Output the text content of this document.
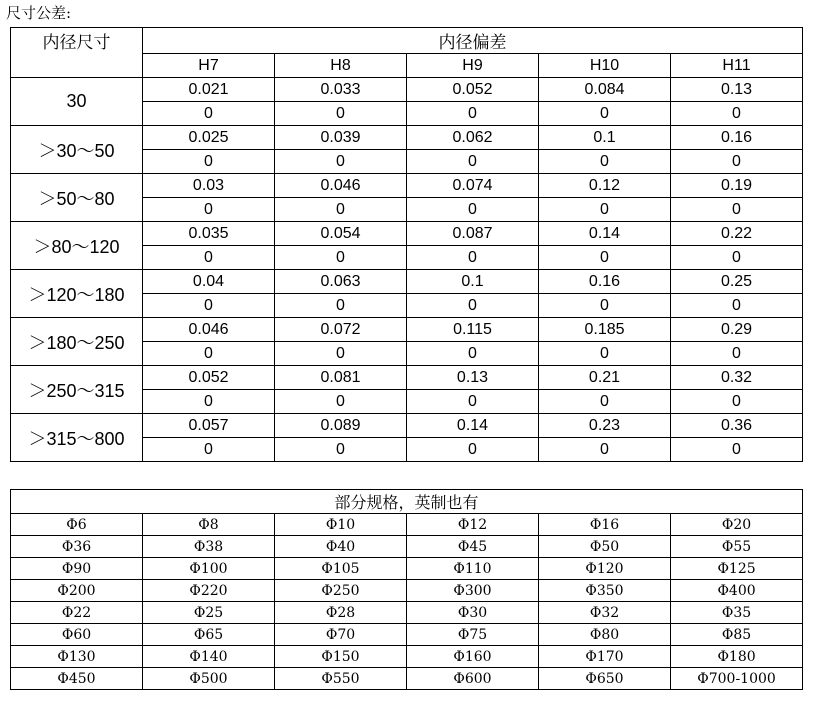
尺寸公差:
内径尺寸	内径偏差				
	H7	H8	H9	H10	H11
30	0.021	0.033	0.052	0.084	0.13
	0	0	0	0	0
＞30～50	0.025	0.039	0.062	0.1	0.16
	0	0	0	0	0
＞50～80	0.03	0.046	0.074	0.12	0.19
	0	0	0	0	0
＞80～120	0.035	0.054	0.087	0.14	0.22
	0	0	0	0	0
＞120～180	0.04	0.063	0.1	0.16	0.25
	0	0	0	0	0
＞180～250	0.046	0.072	0.115	0.185	0.29
	0	0	0	0	0
＞250～315	0.052	0.081	0.13	0.21	0.32
	0	0	0	0	0
＞315～800	0.057	0.089	0.14	0.23	0.36
	0	0	0	0	0
部分规格，英制也有					
Φ6	Φ8	Φ10	Φ12	Φ16	Φ20
Φ36	Φ38	Φ40	Φ45	Φ50	Φ55
Φ90	Φ100	Φ105	Φ110	Φ120	Φ125
Φ200	Φ220	Φ250	Φ300	Φ350	Φ400
Φ22	Φ25	Φ28	Φ30	Φ32	Φ35
Φ60	Φ65	Φ70	Φ75	Φ80	Φ85
Φ130	Φ140	Φ150	Φ160	Φ170	Φ180
Φ450	Φ500	Φ550	Φ600	Φ650	Φ700-1000
